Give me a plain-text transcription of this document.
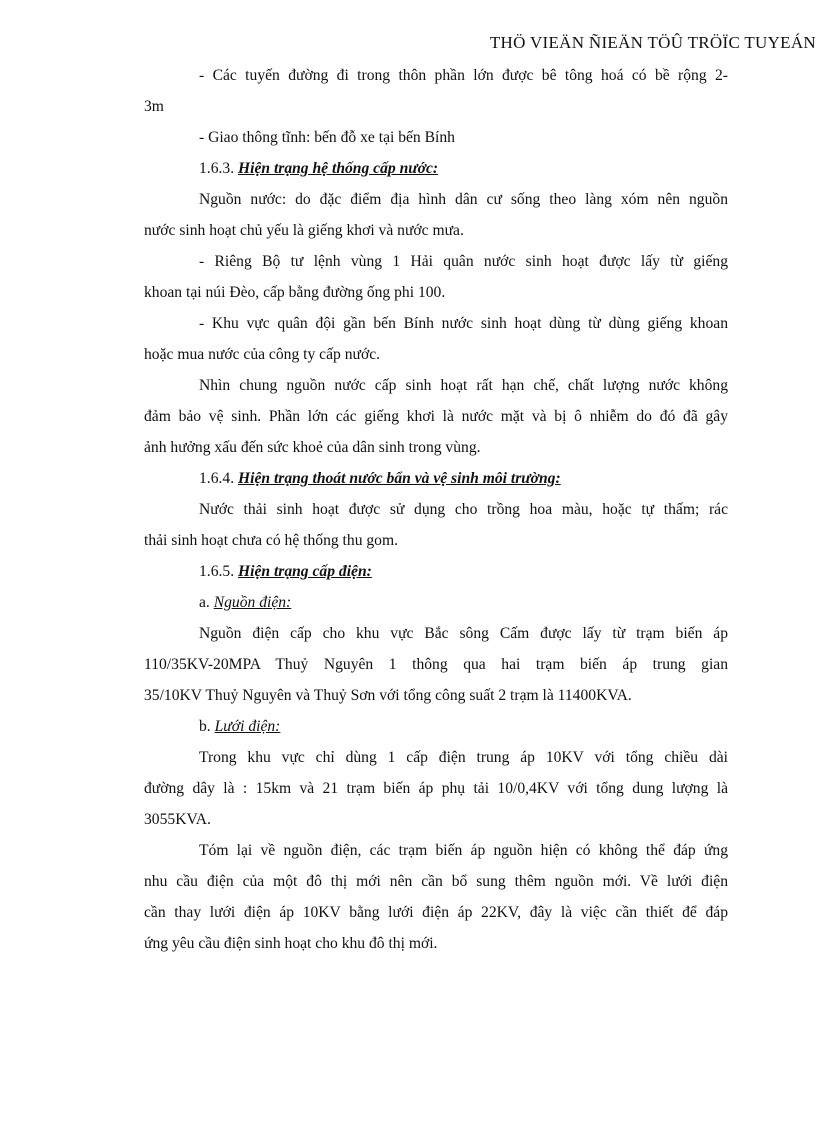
THÖ VIEÄN ÑIEÄN TÖÛ TRÖÏC TUYEÁN
- Các tuyến đường đi trong thôn phần lớn được bê tông hoá có bề rộng 2-
3m
- Giao thông tĩnh: bến đỗ xe tại bến Bính
1.6.3. Hiện trạng hệ thống cấp nước:
Nguồn nước: do đặc điểm địa hình dân cư sống theo làng xóm nên nguồn
nước sinh hoạt chủ yếu là giếng khơi và nước mưa.
- Riêng Bộ tư lệnh vùng 1 Hải quân nước sinh hoạt được lấy từ giếng
khoan tại núi Đèo, cấp bằng đường ống phi 100.
- Khu vực quân đội gần bến Bính nước sinh hoạt dùng từ dùng giếng khoan
hoặc mua nước của công ty cấp nước.
Nhìn chung nguồn nước cấp sinh hoạt rất hạn chế, chất lượng nước không
đảm bảo vệ sinh. Phần lớn các giếng khơi là nước mặt và bị ô nhiễm do đó đã gây
ảnh hưởng xấu đến sức khoẻ của dân sinh trong vùng.
1.6.4. Hiện trạng thoát nước bẩn và vệ sinh môi trường:
Nước thải sinh hoạt được sử dụng cho trồng hoa màu, hoặc tự thấm; rác
thải sinh hoạt chưa có hệ thống thu gom.
1.6.5. Hiện trạng cấp điện:
a. Nguồn điện:
Nguồn điện cấp cho khu vực Bắc sông Cấm được lấy từ trạm biến áp
110/35KV-20MPA Thuỷ Nguyên 1 thông qua hai trạm biến áp trung gian
35/10KV Thuỷ Nguyên và Thuỷ Sơn với tổng công suất 2 trạm là 11400KVA.
b. Lưới điện:
Trong khu vực chỉ dùng 1 cấp điện trung áp 10KV với tổng chiều dài
đường dây là : 15km và 21 trạm biến áp phụ tải 10/0,4KV với tổng dung lượng là
3055KVA.
Tóm lại về nguồn điện, các trạm biến áp nguồn hiện có không thể đáp ứng
nhu cầu điện của một đô thị mới nên cần bổ sung thêm nguồn mới. Về lưới điện
cần thay lưới điện áp 10KV bằng lưới điện áp 22KV, đây là việc cần thiết để đáp
ứng yêu cầu điện sinh hoạt cho khu đô thị mới.
